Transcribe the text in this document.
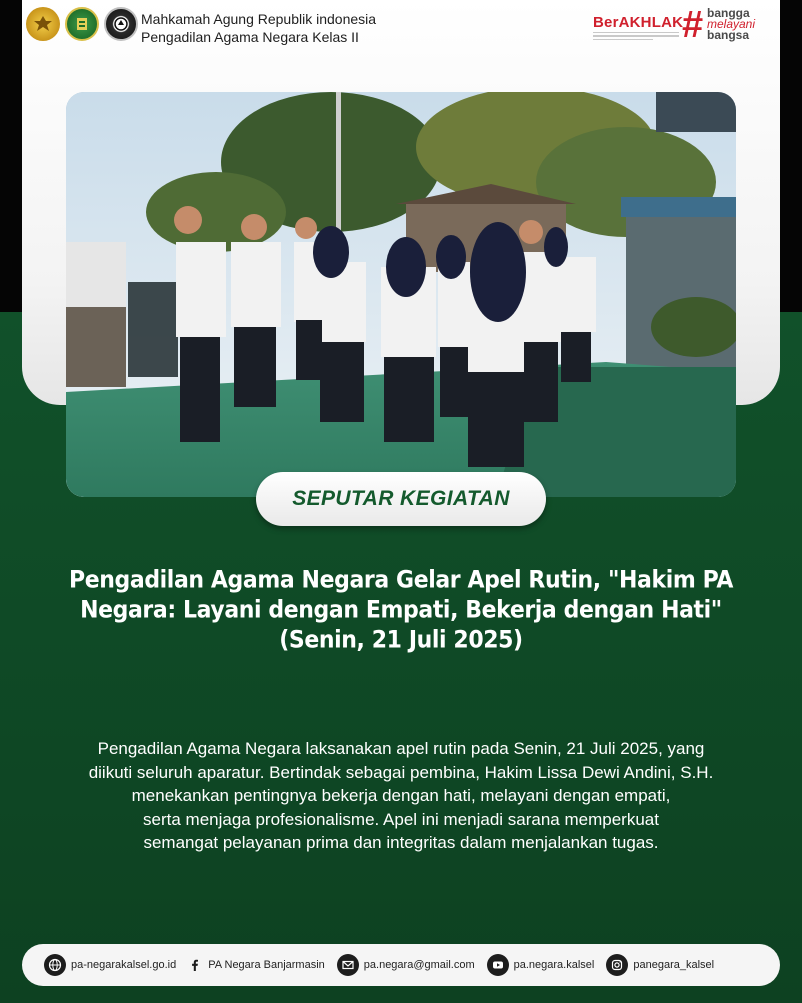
Mahkamah Agung Republik indonesia
Pengadilan Agama Negara Kelas II
BerAKHLAK
# bangga
melayani
bangsa
SEPUTAR KEGIATAN
Pengadilan Agama Negara Gelar Apel Rutin, "Hakim PA
Negara: Layani dengan Empati, Bekerja dengan Hati"
(Senin, 21 Juli 2025)
Pengadilan Agama Negara laksanakan apel rutin pada Senin, 21 Juli 2025, yang
diikuti seluruh aparatur. Bertindak sebagai pembina, Hakim Lissa Dewi Andini, S.H.
menekankan pentingnya bekerja dengan hati, melayani dengan empati,
serta menjaga profesionalisme. Apel ini menjadi sarana memperkuat
semangat pelayanan prima dan integritas dalam menjalankan tugas.
pa-negarakalsel.go.id	PA Negara Banjarmasin	pa.negara@gmail.com	pa.negara.kalsel	panegara_kalsel
